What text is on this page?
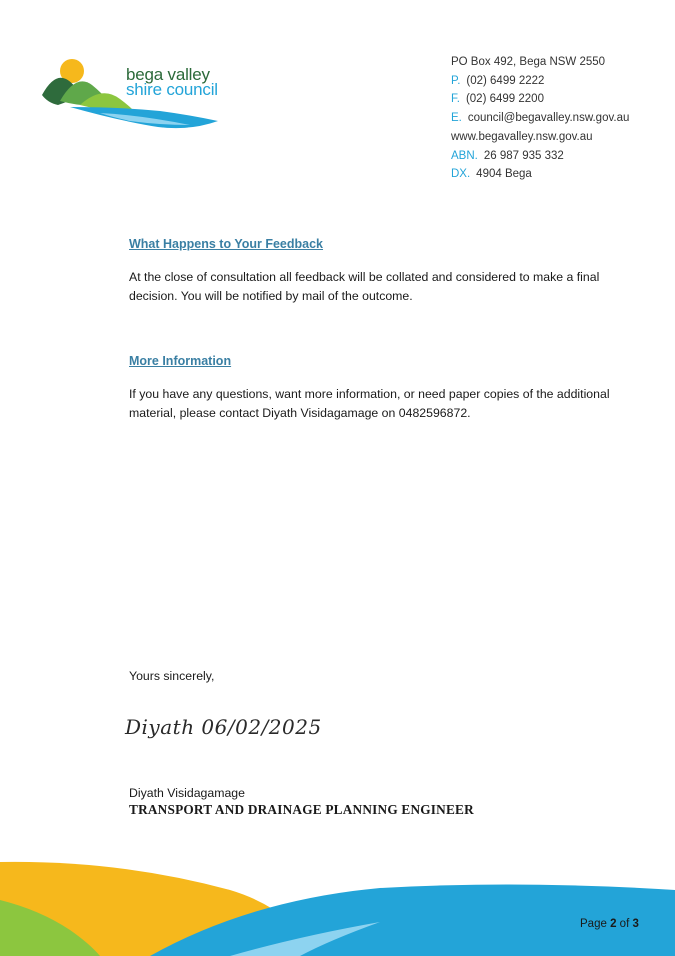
bega valley
shire council
PO Box 492, Bega NSW 2550
P. (02) 6499 2222
F. (02) 6499 2200
E. council@begavalley.nsw.gov.au
www.begavalley.nsw.gov.au
ABN. 26 987 935 332
DX. 4904 Bega
What Happens to Your Feedback
At the close of consultation all feedback will be collated and considered to make a final decision. You will be notified by mail of the outcome.
More Information
If you have any questions, want more information, or need paper copies of the additional material, please contact Diyath Visidagamage on 0482596872.
Yours sincerely,
Diyath 06/02/2025
Diyath Visidagamage
TRANSPORT AND DRAINAGE PLANNING ENGINEER
Page 2 of 3
